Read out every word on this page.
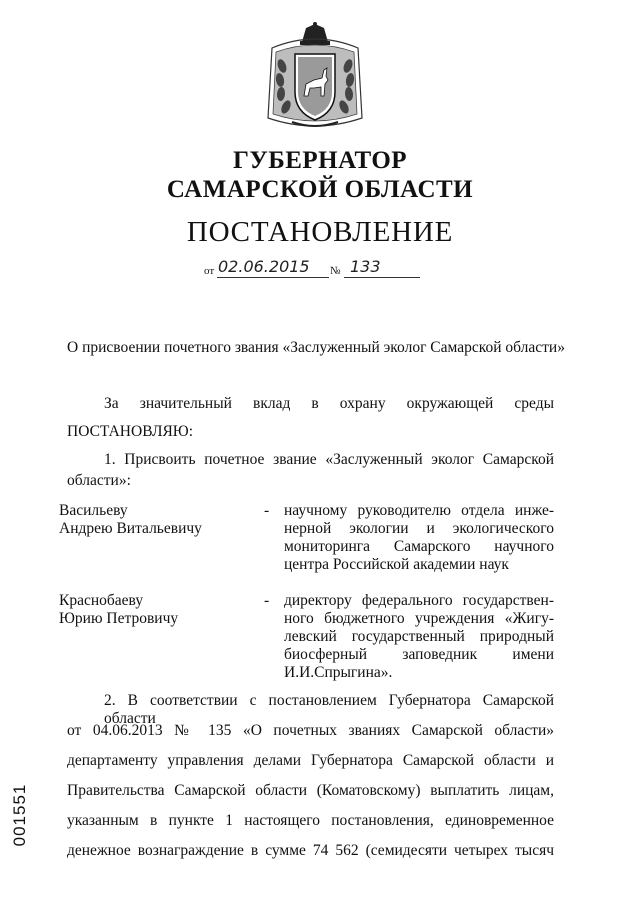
ГУБЕРНАТОР
САМАРСКОЙ ОБЛАСТИ
ПОСТАНОВЛЕНИЕ
от 02.06.2015 № 133
О присвоении почетного звания «Заслуженный эколог Самарской области»
За значительный вклад в охрану окружающей среды
ПОСТАНОВЛЯЮ:
1. Присвоить почетное звание «Заслуженный эколог Самарской
области»:
Васильеву
Андрею Витальевичу
- научному руководителю отдела инже-
нерной экологии и экологического
мониторинга Самарского научного
центра Российской академии наук
Краснобаеву
Юрию Петровичу
- директору федерального государствен-
ного бюджетного учреждения «Жигу-
левский государственный природный
биосферный заповедник имени
И.И.Спрыгина».
2. В соответствии с постановлением Губернатора Самарской области
от 04.06.2013 № 135 «О почетных званиях Самарской области»
департаменту управления делами Губернатора Самарской области и
Правительства Самарской области (Коматовскому) выплатить лицам,
указанным в пункте 1 настоящего постановления, единовременное
денежное вознаграждение в сумме 74 562 (семидесяти четырех тысяч
001551
